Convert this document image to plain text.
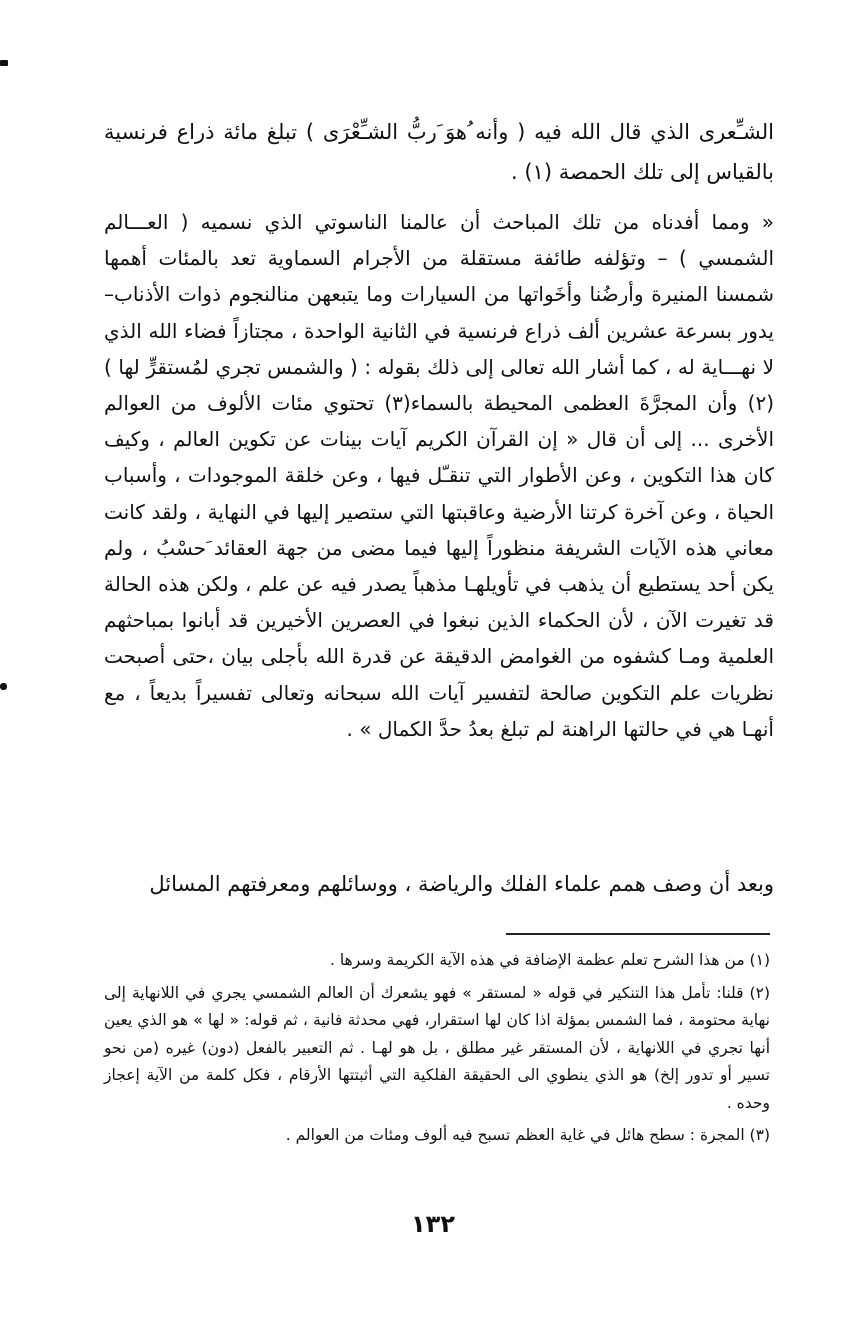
الشـِّعرى الذي قال الله فيه ( وأنه ُهوَ َربُّ الشـِّعْرَى ) تبلغ مائة ذراع فرنسية بالقياس إلى تلك الحمصة (١) .

« ومما أفدناه من تلك المباحث أن عالمنا الناسوتي الذي نسميه ( العـــالم الشمسي ) – وتؤلفه طائفة مستقلة من الأجرام السماوية تعد بالمئات أهمها شمسنا المنيرة وأرضُنا وأخَواتها من السيارات وما يتبعهن منالنجوم ذوات الأذناب– يدور بسرعة عشرين ألف ذراع فرنسية في الثانية الواحدة ، مجتازاً فضاء الله الذي لا نهـــاية له ، كما أشار الله تعالى إلى ذلك بقوله : ( والشمس تجري لمُستقرٍّ لها )(٢) وأن المجرَّةَ العظمى المحيطة بالسماء(٣) تحتوي مئات الألوف من العوالم الأخرى ... إلى أن قال « إن القرآن الكريم آيات بينات عن تكوين العالم ، وكيف كان هذا التكوين ، وعن الأطوار التي تنقـّل فيها ، وعن خلقة الموجودات ، وأسباب الحياة ، وعن آخرة كرتنا الأرضية وعاقبتها التي ستصير إليها في النهاية ، ولقد كانت معاني هذه الآيات الشريفة منظوراً إليها فيما مضى من جهة العقائد َحسْبُ ، ولم يكن أحد يستطيع أن يذهب في تأويلهـا مذهباً يصدر فيه عن علم ، ولكن هذه الحالة قد تغيرت الآن ، لأن الحكماء الذين نبغوا في العصرين الأخيرين قد أبانوا بمباحثهم العلمية ومـا كشفوه من الغوامض الدقيقة عن قدرة الله بأجلى بيان ،حتى أصبحت نظريات علم التكوين صالحة لتفسير آيات الله سبحانه وتعالى تفسيراً بديعاً ، مع أنهـا هي في حالتها الراهنة لم تبلغ بعدُ حدَّ الكمال » .

وبعد أن وصف همم علماء الفلك والرياضة ، ووسائلهم ومعرفتهم المسائل

(١) من هذا الشرح تعلم عظمة الإضافة في هذه الآية الكريمة وسرها .

(٢) قلنا: تأمل هذا التنكير في قوله « لمستقر » فهو يشعرك أن العالم الشمسي يجري في اللانهاية إلى نهاية محتومة ، فما الشمس بمؤلة اذا كان لها استقرار، فهي محدثة فانية ، ثم قوله: « لها » هو الذي يعين أنها تجري في اللانهاية ، لأن المستقر غير مطلق ، بل هو لهـا . ثم التعبير بالفعل (دون) غيره (من نحو تسير أو تدور إلخ) هو الذي ينطوي الى الحقيقة الفلكية التي أثبتتها الأرقام ، فكل كلمة من الآية إعجاز وحده .

(٣) المجرة : سطح هائل في غاية العظم تسبح فيه ألوف ومئات من العوالم .

١٣٢
